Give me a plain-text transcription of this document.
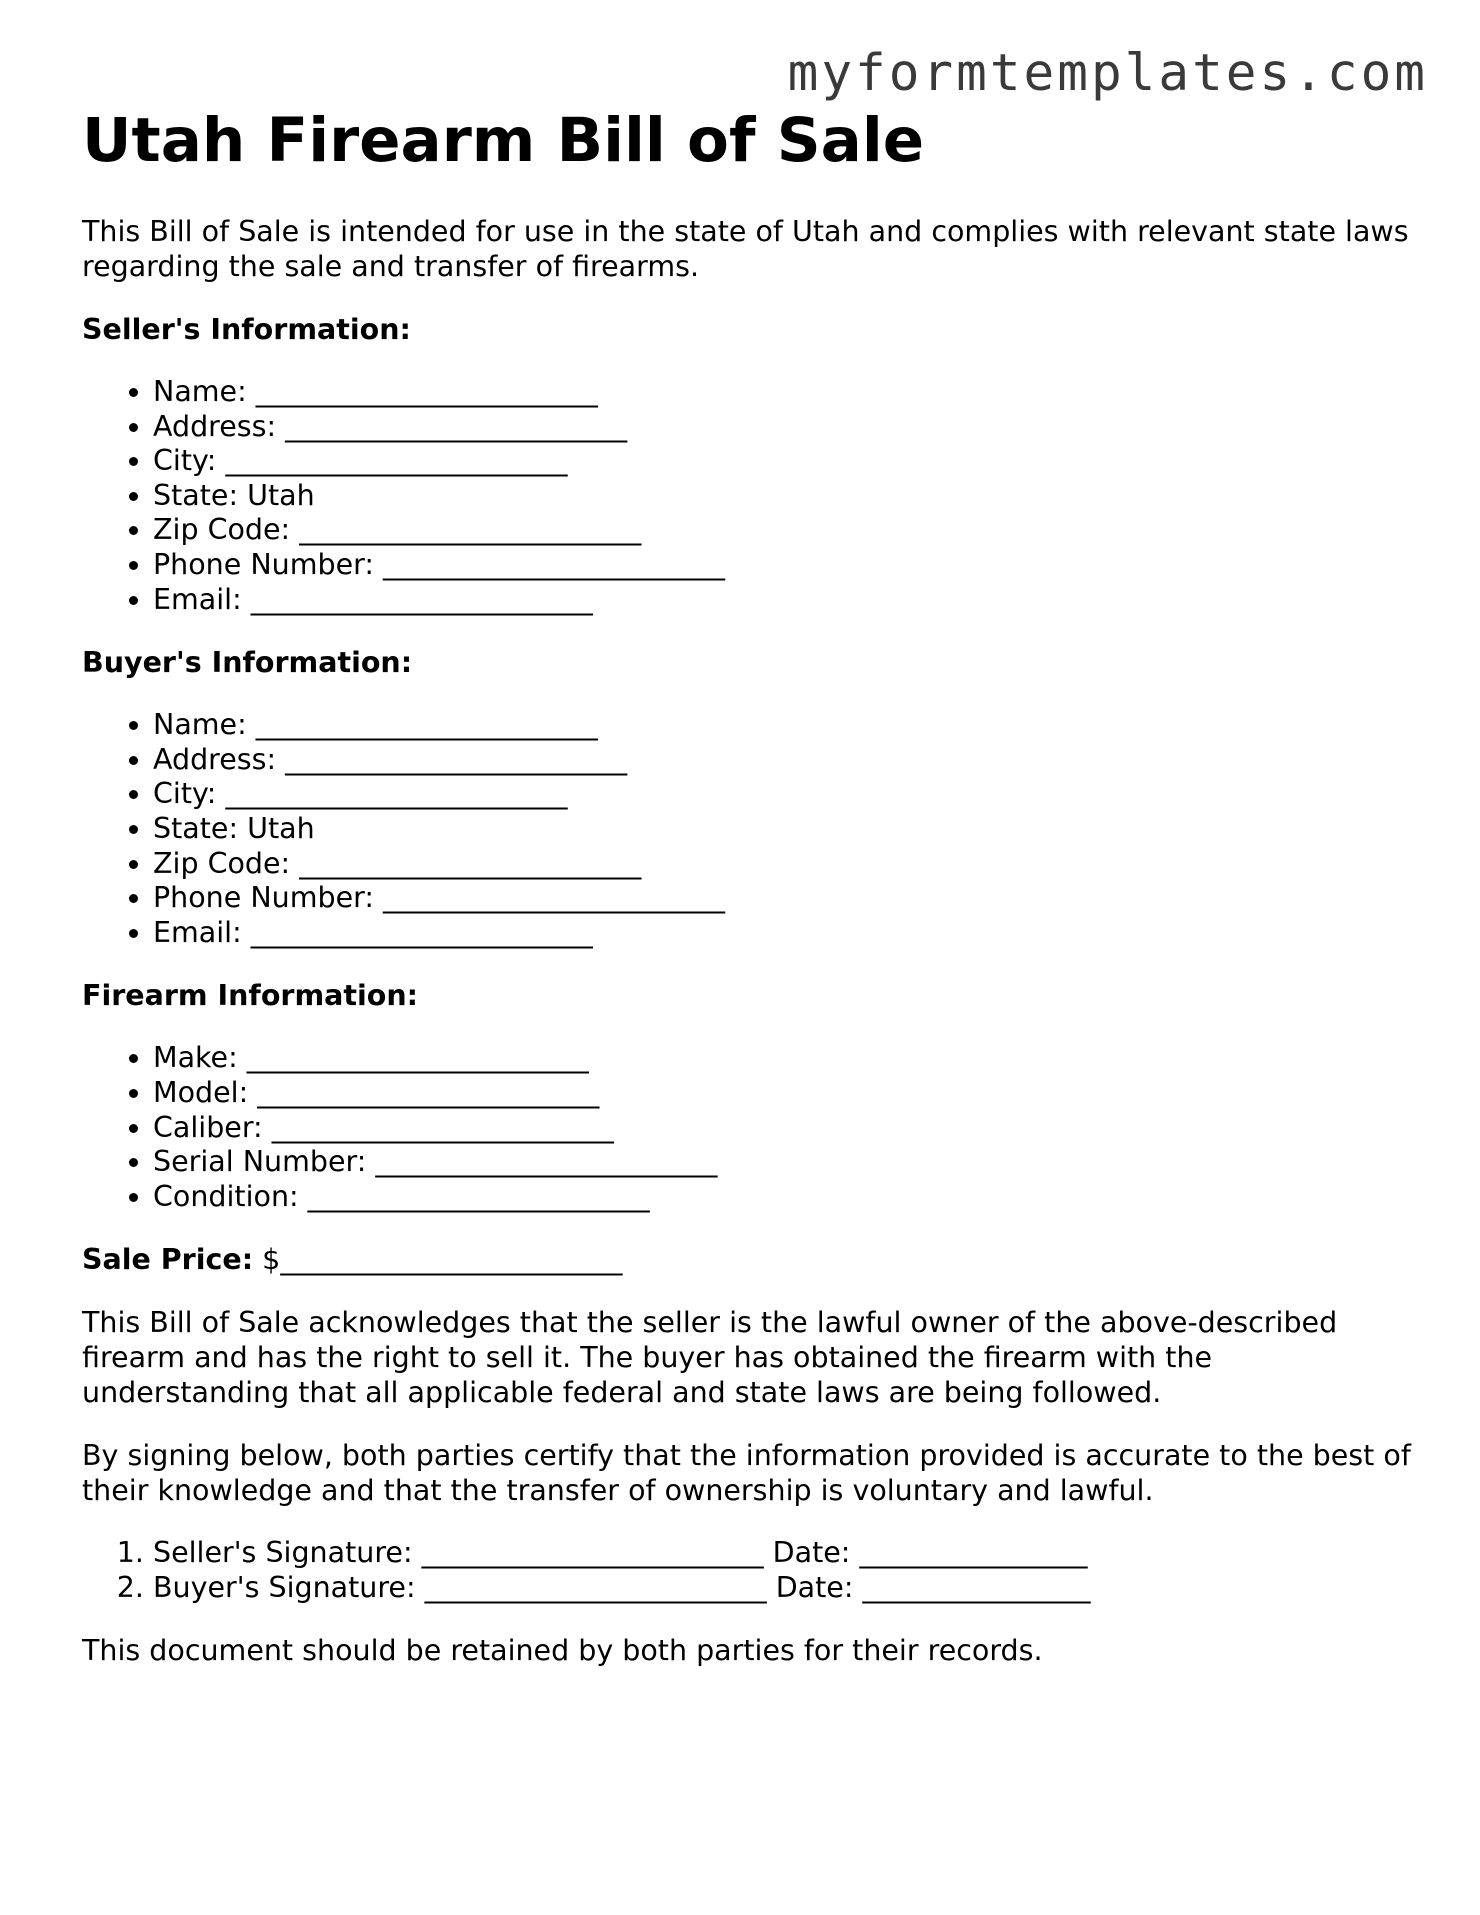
myformtemplates.com
Utah Firearm Bill of Sale

This Bill of Sale is intended for use in the state of Utah and complies with relevant state laws regarding the sale and transfer of firearms.

Seller's Information:
• Name: ________________________
• Address: ________________________
• City: ________________________
• State: Utah
• Zip Code: ________________________
• Phone Number: ________________________
• Email: ________________________
Buyer's Information:
• Name: ________________________
• Address: ________________________
• City: ________________________
• State: Utah
• Zip Code: ________________________
• Phone Number: ________________________
• Email: ________________________
Firearm Information:
• Make: ________________________
• Model: ________________________
• Caliber: ________________________
• Serial Number: ________________________
• Condition: ________________________
Sale Price: $________________________

This Bill of Sale acknowledges that the seller is the lawful owner of the above-described firearm and has the right to sell it. The buyer has obtained the firearm with the understanding that all applicable federal and state laws are being followed.

By signing below, both parties certify that the information provided is accurate to the best of their knowledge and that the transfer of ownership is voluntary and lawful.

1. Seller's Signature: ________________________ Date: ________________
2. Buyer's Signature: ________________________ Date: ________________

This document should be retained by both parties for their records.
